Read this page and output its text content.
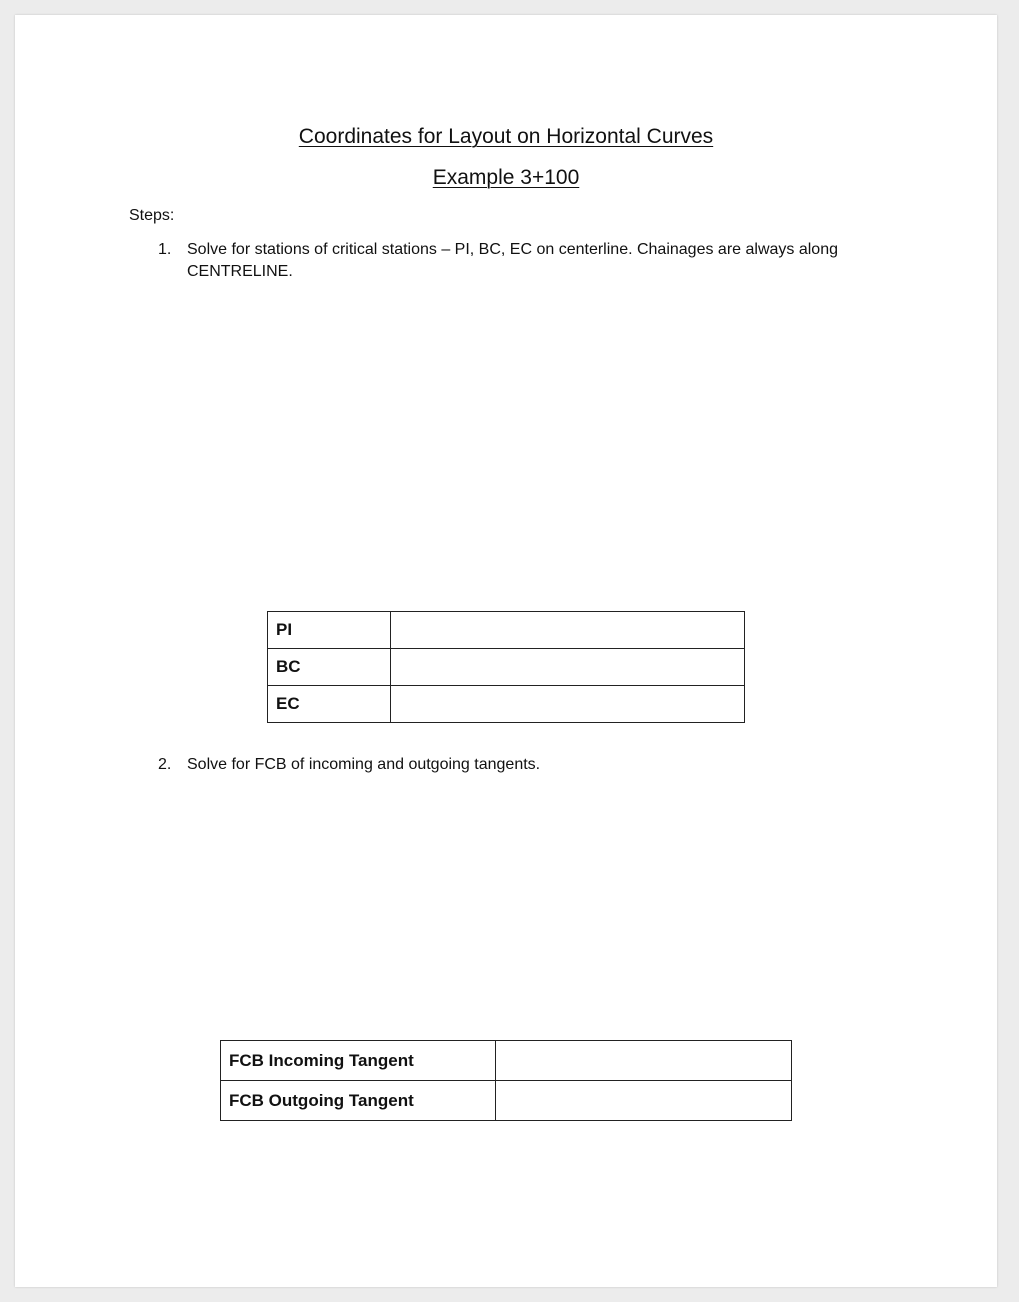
Coordinates for Layout on Horizontal Curves
Example 3+100
Steps:
1. Solve for stations of critical stations – PI, BC, EC on centerline. Chainages are always along CENTRELINE.
PI	
BC	
EC	
2. Solve for FCB of incoming and outgoing tangents.
FCB Incoming Tangent	
FCB Outgoing Tangent	
